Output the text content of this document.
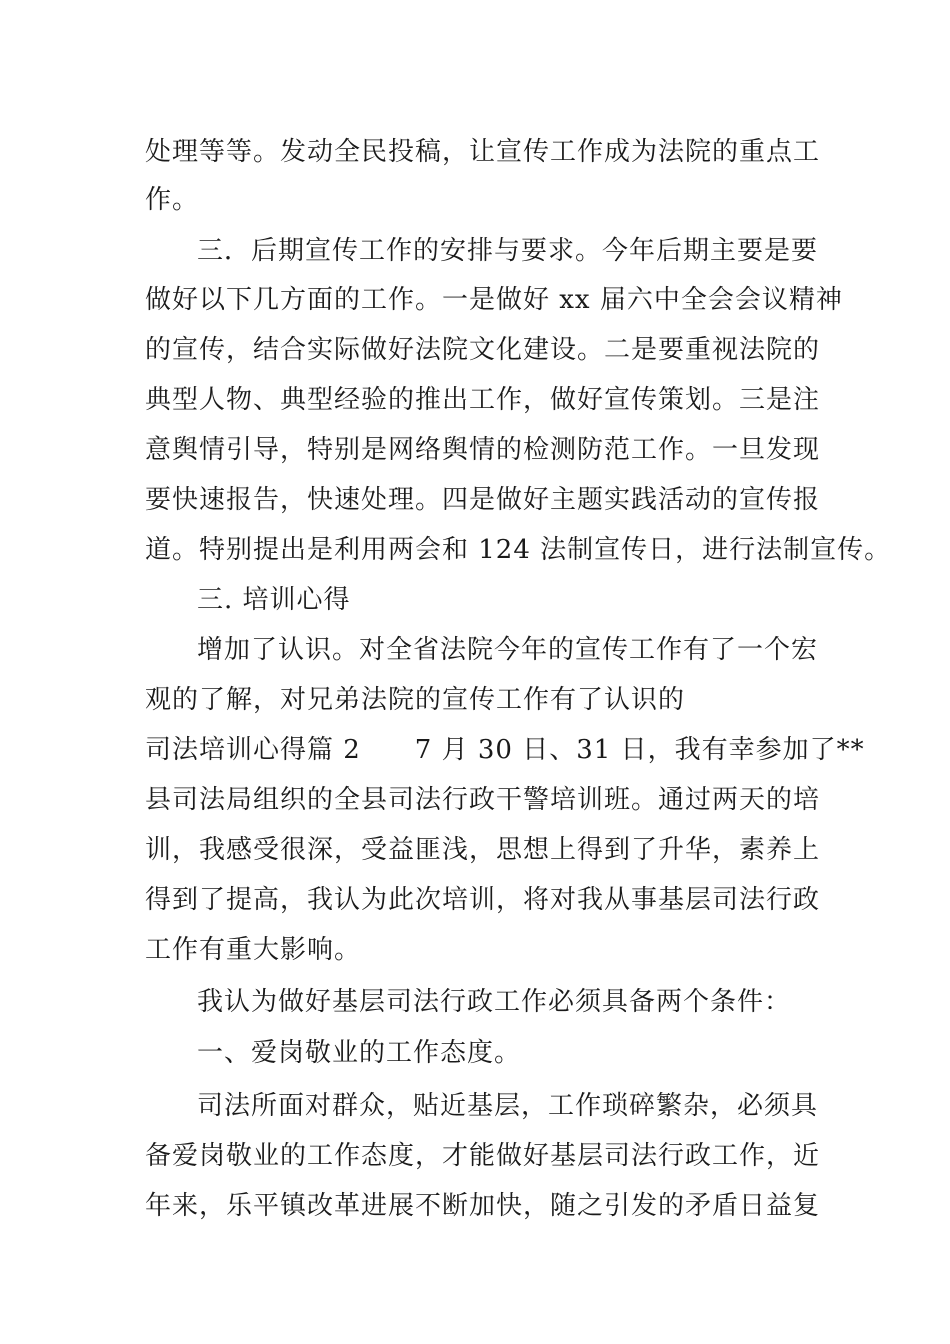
处理等等。发动全民投稿，让宣传工作成为法院的重点工
作。
三．后期宣传工作的安排与要求。今年后期主要是要
做好以下几方面的工作。一是做好 xx 届六中全会会议精神
的宣传，结合实际做好法院文化建设。二是要重视法院的
典型人物、典型经验的推出工作，做好宣传策划。三是注
意舆情引导，特别是网络舆情的检测防范工作。一旦发现
要快速报告，快速处理。四是做好主题实践活动的宣传报
道。特别提出是利用两会和 124 法制宣传日，进行法制宣传。
三. 培训心得
增加了认识。对全省法院今年的宣传工作有了一个宏
观的了解，对兄弟法院的宣传工作有了认识的
司法培训心得篇 2　　7 月 30 日、31 日，我有幸参加了**
县司法局组织的全县司法行政干警培训班。通过两天的培
训，我感受很深，受益匪浅，思想上得到了升华，素养上
得到了提高，我认为此次培训，将对我从事基层司法行政
工作有重大影响。
我认为做好基层司法行政工作必须具备两个条件：
一、爱岗敬业的工作态度。
司法所面对群众，贴近基层，工作琐碎繁杂，必须具
备爱岗敬业的工作态度，才能做好基层司法行政工作，近
年来，乐平镇改革进展不断加快，随之引发的矛盾日益复
